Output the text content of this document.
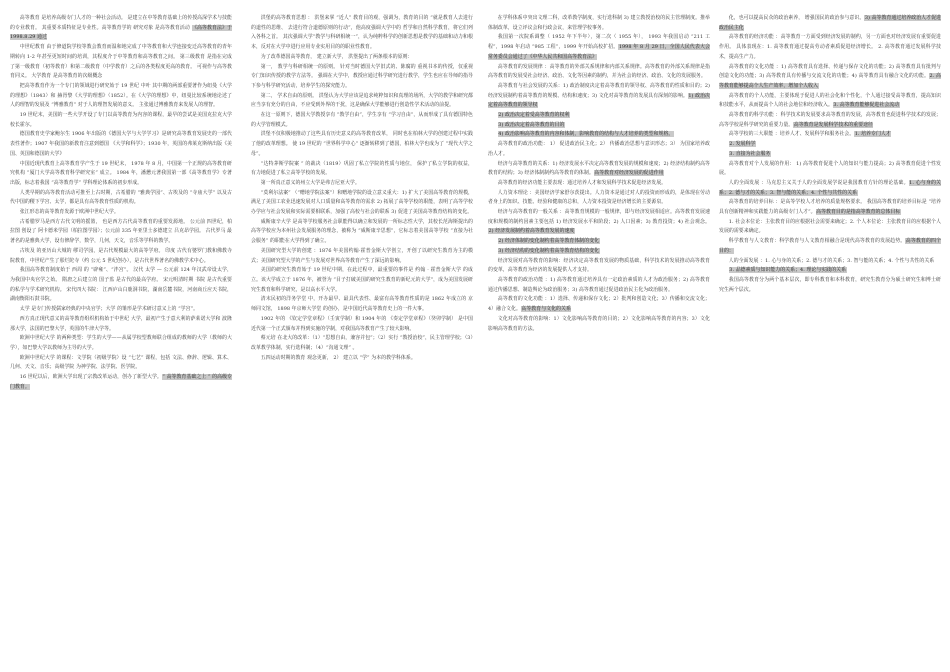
高等教育 是培养高级专门人才的一种社会活动。 是建立在中等教育基础上的传授高深学术与技能的专业教育。 其重要本质特征是专业性。高等教育学的 研究对象 是高等教育活动 《高等教育法》于 1998.8.29 通过

中世纪教育 由于修道院学校等教会教育而温和地完成了中等教育和大学连接变迁高等教育的青年期转向 1-2 年甚至更短时间的培训，其程度介于中等教育和高等教育之间。 第三级教育 是指在完成了第一级教育（初等教育）和第二级教育（中学教育）之后的各类程度更高的教育。 可视作与高等教育同义。 大学教育 是高等教育的次级概念

把高等教育作为一个专门的领域进行研究始于 19 世纪 中叶 其中期的两部重要著作为纽曼《大学的理想》（1843）和 赫胥黎《大学的理想》（1852）。在《大学的理想》中，纽曼比较系统地论述了人的理智的发展及 “博雅教育” 对于人的理智发展的意义。 主张通过博雅教育来发展人的理智。

19 世纪末，美国的一些大学开设了专门以高等教育为内容的课程，最早的尝试是美国克拉克大学校长霍尔。

德国教育史学家鲍尔生 1906 年出版的《德国大学与大学学习》是研究高等教育发展史的一部代表性著作；1907 年我国的新教育注意到德国 《大学和科学》；1930 年，英国的弗莱克斯纳出版《美国、英国和德国的大学》

中国近现代教育上高等教育学产生于 19 世纪末， 1978 年 8 月，中国第一个正规的高等教育研究机构 “厦门大学高等教育科学研究室” 成立。 1984 年，潘懋元著我国第一部《高等教育学》专著出版，标志着我国 “高等教育学” 学科理论体系的初步形成。

人类早期的高等教育活动可推至上古时期，古希腊的 “雅典学园”、古埃及的 “寺庙大学” 以及古代中国的稷下学宫、太学，都是具有高等教育性质的机构。

张江形态的高等教育发源于欧洲中世纪大学。

古希腊罗马是西方古代文明的摇篮， 也是西方古代高等教育的重要发源地。 公元前 四世纪，柏拉图 创设了 阿卡德米学园（柏拉图学园）；公元前 335 年亚里士多德建立 吕克昂学园。 古代罗马 最著名的是雅典大学，设有修辞学，数学，几何，天文，音乐等学科的教学。

古埃及 的亚历山大城的 缪司学园，是古代规模最大的高等学府。 印度 古代有婆罗门教和佛教寺院教育，中世纪产生了那烂陀寺（约 公元 5 世纪创办），是古代世界著名的佛教学术中心。

我国高等教育制度始于 西周 的 “辟雍”、“泮宫”。 汉代 太学 — 公元前 124 年汉武帝设太学，为我国中央官学之始。 隋唐之后建立的 国子监 是古代的最高学府。 宋元明清时期 书院 是古代重要的私学与学术研究机构。 宋代四大书院： 江西庐山白鹿洞书院，湖南岳麓书院，河南商丘应天书院，湖南衡阳石鼓书院。

太学 是专门传授儒家经典的中央官学；大学 的雏形是学术研讨意义上的 “学宫”。

西方真正现代意义的高等教育组织机构始于中世纪 大学，最初产生于意大利的萨莱诺大学和 波隆那大学，法国的巴黎大学，英国的牛津大学等。

欧洲中世纪大学 的两种类型：学生的大学——从属学校型教师联合组成的教师的大学（教师的大学），如巴黎大学以教师为主导的大学。

欧洲中世纪大学 的课程：文学院（初级学院）设 “七艺” 课程，包括 文法、修辞、逻辑、算术、几何、天文、音乐；高级学院 为神学院、法学院、医学院。

16 世纪以后，欧洲大学出现了宗教改革运动，创办了新型大学。“ 高等教育基础之上 ” 的高级专门教育。

洪堡的高等教育思想 ： 洪堡来掌 “近人” 教育目的观，强调为，教育的目的 “就是教育人去进行的道性的思维、 去进行符合道德原则的行动”，他高度强调大学中的 哲学和自然科学教育，将它们列入各科之首。 其次强调大学“教学与科研相统一”，认为纯粹科学的创新思想是教学的基础和动力和根本，反对在大学中进行应用专业实用目的的职业性教育。

为了改革德国高等教育， 建立新大学， 洪堡提出了两条根本的原则：

第一， 教学与科研相统一的原则。 针对当时德国大学旧式的、陈腐的 重视书本的传授，仅重视专门知识传授的教学方法等。 强调在大学中，教授应通过科学研究进行教学，学生也应在导师的指导下参与科学研究活动，培养学生的探究能力。

第二， 学术自由的原则。 洪堡认为大学应该是追求纯粹知识和真理的场所，大学的教学和研究都应当享有充分的自由，不应受到外界的干扰，这是确保大学能够进行创造性学术活动的前提。

在这一原则下，德国大学教授享有 “教学自由”，学生享有 “学习自由”，从而形成了具有德国特色的大学管理模式。

洪堡不仅积极地推动了这些具有历史意义的高等教育改革， 同时也在柏林大学的创建过程中实践了他的改革理想。 使 19 世纪的 “世界科学中心” 逐渐转移到了德国，柏林大学也成为了 “现代大学之母”。

“达特茅斯学院案 ” 的裁决（1819）巩固了私立学院的性质与地位， 保护了私立学院的权益， 有力地促进了私立高等学校的发展。

第一所真正意义的州立大学是弗吉尼亚大学。

“莫利尔法案” （“赠地学院法案”）和赠地学院的设立意义重大：1) 扩大了美国高等教育的规模，满足了美国工农业迅速发展对人口质量和高等教育的需求 2) 拓展了高等学校的职能，表明了高等学校办学应与社会发展和实际需要相联系，加强了高校与社会的联系 3) 促进了美国高等教育结构的变化。

威斯康辛大学 是高等学校服务社会职能得以确立和发展的一所标志性大学，其校长范海斯提出的高等学校应为本州社会发展服务的理念，被称为 “威斯康辛思想”，它标志着美国高等学校 “直接为社会服务” 的职能在大学得到了确立。

美国研究型大学的创建 ：1876 年美国约翰·霍普金斯大学创立，开创了以研究生教育为主的模式；美国研究型大学的产生与发展对世界高等教育产生了深远的影响。

美国的研究生教育始于 19 世纪中期，在此过程中，最重要的事件是 约翰 · 霍普金斯大学 的成立。该大学成立于 1876 年，被誉为 “目子打破美国的研究生教育的新纪元的大学”，成为美国发展研究生教育和科学研究，是以高水平大学。

清末民初的洋务学堂 中，开办最早、最具代表性、最富有高等教育性质的是 1862 年成立的 京师同文馆， 1898 年京师大学堂 的创办，是中国近代高等教育史上的一件大事。

1902 年的 《钦定学堂章程》（壬寅学制）和 1904 年的 《奏定学堂章程》（癸卯学制） 是中国近代第一个正式颁布并得到实施的学制，对我国高等教育产生了较大影响。

蔡元培 在北大的改革：（1）“思想自由，兼容并包”；（2）实行 “教授治校”，民主管理学校；（3）改革教学体制，实行选科制；（4）“沟通文理” 。

五四运动时期的教育 观念更新， 2） 建立以 “学” 为本的教学科体系。

在学科体系中突出文理二科，改革教学制度，实行选科制 3) 建立教授治校的民主管理制度。推举体制改革，设立评议会和行政会议，来管理学校事务。

我国第一次院系调整（ 1952 年下半年），第二次（ 1955 年）， 1993 年我国启动 “211 工程”，1998 年启动 “985 工程”，1999 年开始高校扩招。1998 年 8 月 29 日，全国人民代表大会常务委员会通过了《中华人民共和国高等教育法》

高等教育的发展规律 ：高等教育的外部关系规律和内部关系规律。高等教育的外部关系规律是指高等教育的发展受社会经济、政治、文化等因素的制约，并为社会的经济、政治、文化的发展服务。

高等教育与社会发展的关系：1) 政治制度决定着高等教育的领导权、高等教育的性质和目的；2) 经济发展制约着高等教育的规模、结构和速度；3) 文化对高等教育的发展具有深刻的影响。1) 政治决定着高等教育的领导权

2) 政治决定着受高等教育的权利

3) 政治决定着高等教育的目的

4) 政治影响高等教育的内容和体制，影响教育的结构与人才培养的类型和规格。

高等教育的政治功能： 1） 促进政治民主化；2） 传播政治思想与意识形态；3） 为国家培养政治人才。

经济与高等教育的关系：1) 经济发展水平决定高等教育发展的规模和速度；2) 经济结构制约高等教育的结构；3) 经济体制制约高等教育的体制。高等教育对经济发展的促进作用

高等教育的经济功能主要表现：通过培养人才和发展科学技术促进经济发展。

人力资本理论 ：美国经济学家舒尔茨提出。人力资本是通过对人的投资而形成的，是体现在劳动者身上的知识、技能、经验和健康的总和，人力资本投资是经济增长的主要源泉。

经济与高等教育的一般关系 ：高等教育规模的一般规律，即与经济发展相适应。高等教育发展速度和规模的制约因素主要包括 1) 经济发展水平和阶段；2) 人口因素；3) 教育投资；4) 社会观念。2) 经济发展制约着高等教育发展的速度

2) 经济体制的变化制约着高等教育体制的变化

3) 经济结构的变化制约着高等教育结构的变化

经济发展对高等教育的影响：经济决定高等教育发展的物质基础，科学技术的发展推动高等教育的变革，高等教育为经济的发展提供人才支持。

高等教育的政治功能 ：1) 高等教育通过培养具有一定政治素质的人才为政治服务；2) 高等教育通过传播思想、制造舆论为政治服务；3) 高等教育通过促进政治民主化为政治服务。

高等教育的文化功能 ：1）选择、传递和保存文化；2）批判和创造文化；3）传播和交流文化；4）融合文化。高等教育与文化的关系

文化对高等教育的影响：1）文化影响高等教育的目的；2）文化影响高等教育的内容；3）文化影响高等教育的方法。

化，也可以提高民众的政治素养， 增强国民的政治参与意识。3) 高等教育通过培养政治人才促进政治民主化

高等教育的经济功能 ：高等教育一方面受到经济发展的制约，另一方面也对经济发展有重要促进作用。 具体表现在：1. 高等教育通过提高劳动者素质促进经济增长。 2. 高等教育通过发展科学技术，提高生产力。

高等教育的文化功能 ：1) 高等教育具有选择、传递与保存文化的功能；2) 高等教育具有批判与创造文化的功能；3) 高等教育具有传播与交流文化的功能；4) 高等教育具有融合文化的功能。2. 高等教育能够提高个人生产效率，增加个人收入

高等教育的个人功能，主要体现于促进人的社会化和个性化，个人通过接受高等教育，提高知识和技能水平，从而提高个人的社会地位和经济收入。3. 高等教育能够促进社会流动

高等教育的科学功能 ：科学技术的发展要求高等教育的发展，高等教育也促进科学技术的发展；高等学校是科学研究的重要力量。高等教育是发展科学技术的重要途径

高等学校的三大职能 ：培养人才、发展科学和服务社会。1. 培养专门人才

2. 发展科学

3. 直接为社会服务

高等教育对个人发展的作用： 1) 高等教育促进个人的知识与能力提高；2) 高等教育促进个性发展。

人的全面发展 ：马克思主义关于人的全面发展学说是我国教育方针的理论基础。1. 心与身的关系；2. 德与才的关系；3. 智与能的关系；4. 个性与共性的关系

高等教育的培养目标 ：是高等学校人才培养的质量规格要求。 我国高等教育的培养目标是 “培养具有创新精神和实践能力的高级专门人才”。高等教育目的是指高等教育的总体目标

1. 社会本位论：主张教育目的应根据社会需要来确定；2. 个人本位论：主张教育目的应根据个人发展的需要来确定。

科学教育与人文教育：科学教育与人文教育相融合是现代高等教育的发展趋势。高等教育的四个目的：

人的全面发展 ：1. 心与身的关系；2. 德与才的关系；3. 智与能的关系；4. 个性与共性的关系

3. 品德素质与知识能力的关系；4. 理论与实践的关系

我国高等教育分为两个基本层次，即专科教育和本科教育，研究生教育分为硕士研究生和博士研究生两个层次。
